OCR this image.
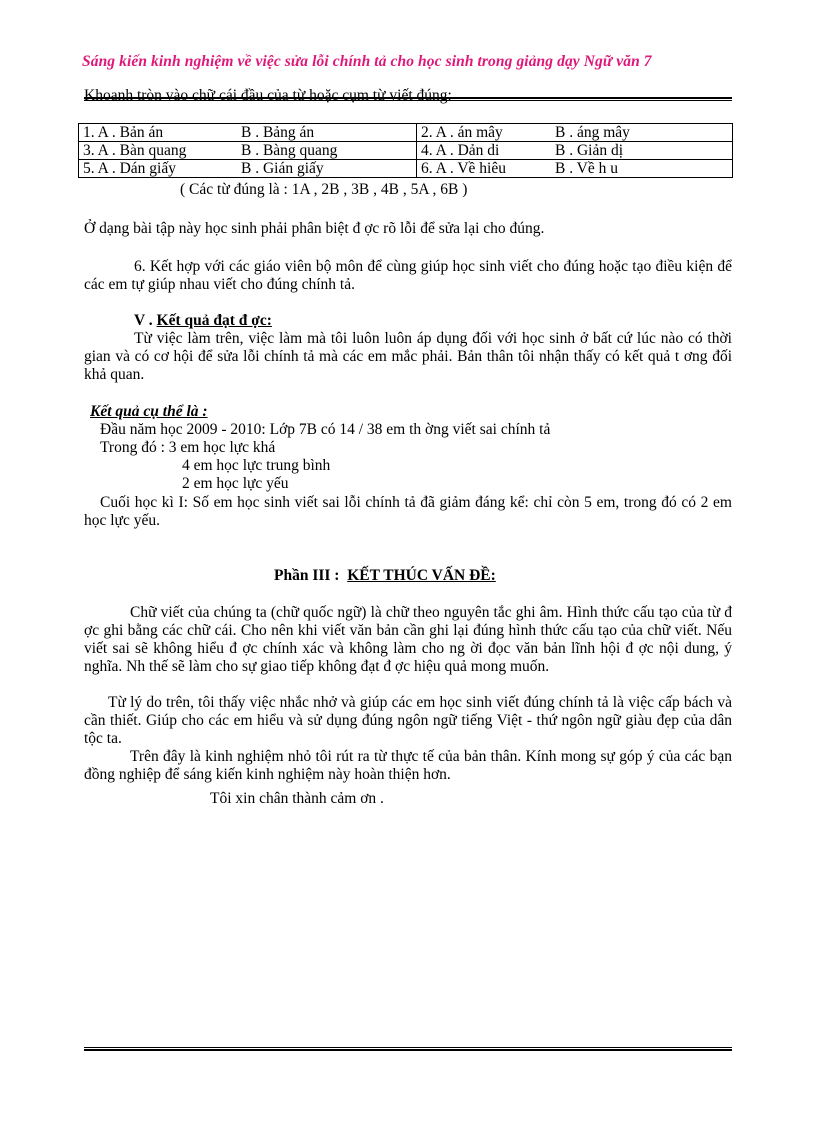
Sáng kiến kinh nghiệm về việc sửa lỗi chính tả cho học sinh trong giảng dạy Ngữ văn 7
Khoanh tròn vào chữ cái đầu của từ hoặc cụm từ viết đúng:
1. A . Bản án B . Bảng án	2. A . án mây B . áng mây
3. A . Bàn quang B . Bàng quang	4. A . Dản di B . Giản dị
5. A . Dán giấy B . Gián giấy	6. A . Về hiêu B . Về h u
( Các từ đúng là : 1A , 2B , 3B , 4B , 5A , 6B )
Ở dạng bài tập này học sinh phải phân biệt đ ợc rõ lỗi để sửa lại cho đúng.
6. Kết hợp với các giáo viên bộ môn để cùng giúp học sinh viết cho đúng hoặc tạo điều kiện để các em tự giúp nhau viết cho đúng chính tả.
V . Kết quả đạt đ ợc:
Từ việc làm trên, việc làm mà tôi luôn luôn áp dụng đối với học sinh ở bất cứ lúc nào có thời gian và có cơ hội để sửa lỗi chính tả mà các em mắc phải. Bản thân tôi nhận thấy có kết quả t ơng đối khả quan.
Kết quả cụ thể là :
Đầu năm học 2009 - 2010: Lớp 7B có 14 / 38 em th ờng viết sai chính tả
Trong đó : 3 em học lực khá
4 em học lực trung bình
2 em học lực yếu
Cuối học kì I: Số em học sinh viết sai lỗi chính tả đã giảm đáng kể: chỉ còn 5 em, trong đó có 2 em học lực yếu.
Phần III : KẾT THÚC VẤN ĐỀ:
Chữ viết của chúng ta (chữ quốc ngữ) là chữ theo nguyên tắc ghi âm. Hình thức cấu tạo của từ đ ợc ghi bằng các chữ cái. Cho nên khi viết văn bản cần ghi lại đúng hình thức cấu tạo của chữ viết. Nếu viết sai sẽ không hiểu đ ợc chính xác và không làm cho ng ời đọc văn bản lĩnh hội đ ợc nội dung, ý nghĩa. Nh thế sẽ làm cho sự giao tiếp không đạt đ ợc hiệu quả mong muốn.
Từ lý do trên, tôi thấy việc nhắc nhở và giúp các em học sinh viết đúng chính tả là việc cấp bách và cần thiết. Giúp cho các em hiểu và sử dụng đúng ngôn ngữ tiếng Việt - thứ ngôn ngữ giàu đẹp của dân tộc ta.
Trên đây là kinh nghiệm nhỏ tôi rút ra từ thực tế của bản thân. Kính mong sự góp ý của các bạn đồng nghiệp để sáng kiến kinh nghiệm này hoàn thiện hơn.
Tôi xin chân thành cảm ơn .
